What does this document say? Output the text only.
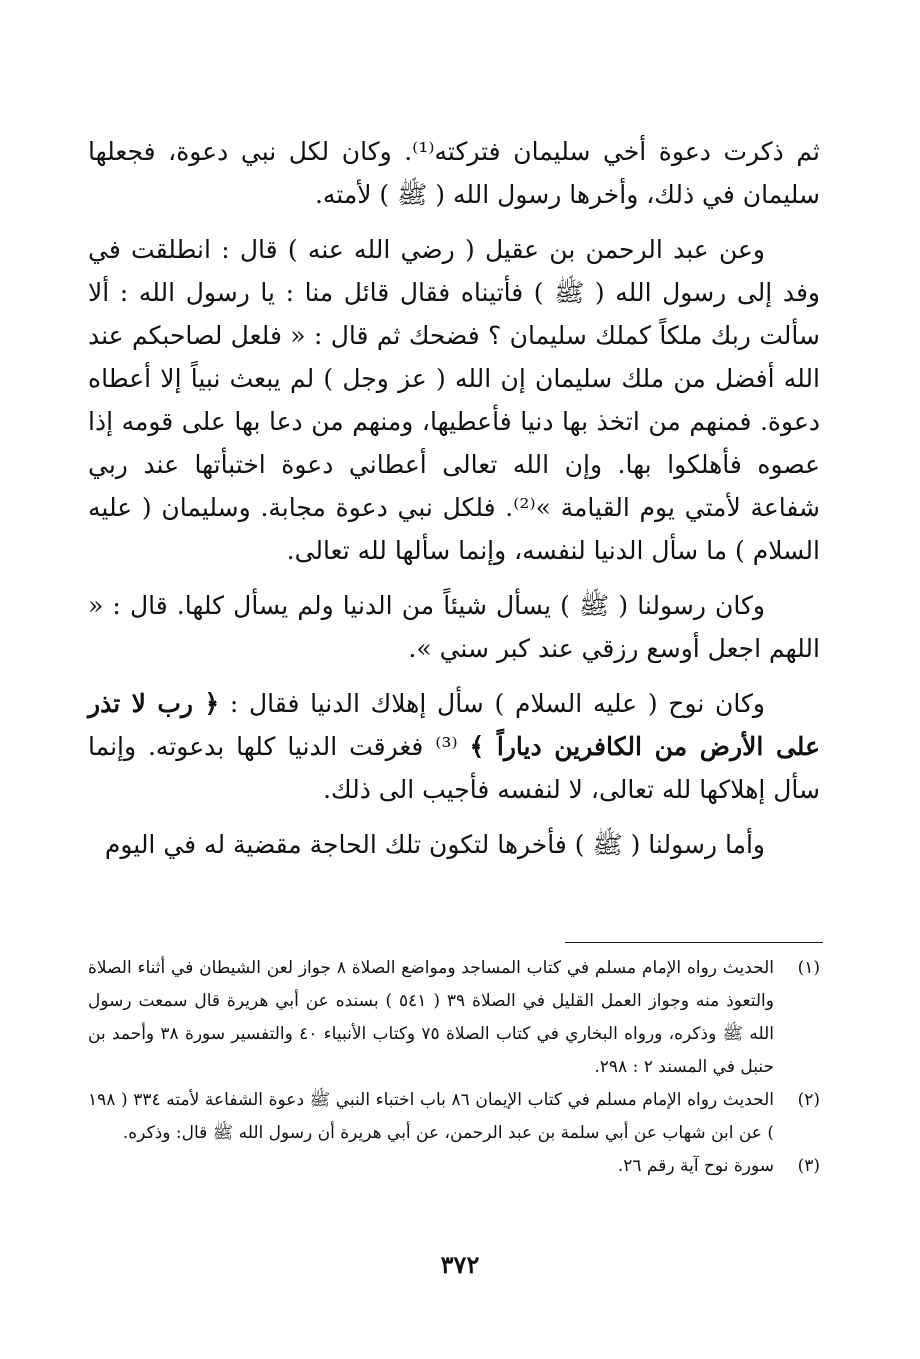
ثم ذكرت دعوة أخي سليمان فتركته⁽¹⁾. وكان لكل نبي دعوة، فجعلها سليمان في ذلك، وأخرها رسول الله ( ﷺ ) لأمته.

وعن عبد الرحمن بن عقيل ( رضي الله عنه ) قال : انطلقت في وفد إلى رسول الله ( ﷺ ) فأتيناه فقال قائل منا : يا رسول الله : ألا سألت ربك ملكاً كملك سليمان ؟ فضحك ثم قال : « فلعل لصاحبكم عند الله أفضل من ملك سليمان إن الله ( عز وجل ) لم يبعث نبياً إلا أعطاه دعوة. فمنهم من اتخذ بها دنيا فأعطيها، ومنهم من دعا بها على قومه إذا عصوه فأهلكوا بها. وإن الله تعالى أعطاني دعوة اختبأتها عند ربي شفاعة لأمتي يوم القيامة »⁽²⁾. فلكل نبي دعوة مجابة. وسليمان ( عليه السلام ) ما سأل الدنيا لنفسه، وإنما سألها لله تعالى.

وكان رسولنا ( ﷺ ) يسأل شيئاً من الدنيا ولم يسأل كلها. قال : « اللهم اجعل أوسع رزقي عند كبر سني ».

وكان نوح ( عليه السلام ) سأل إهلاك الدنيا فقال : ﴿ رب لا تذر على الأرض من الكافرين دياراً ﴾ ⁽³⁾ فغرقت الدنيا كلها بدعوته. وإنما سأل إهلاكها لله تعالى، لا لنفسه فأجيب الى ذلك.

وأما رسولنا ( ﷺ ) فأخرها لتكون تلك الحاجة مقضية له في اليوم

(١)
الحديث رواه الإمام مسلم في كتاب المساجد ومواضع الصلاة ٨ جواز لعن الشيطان في أثناء الصلاة والتعوذ منه وجواز العمل القليل في الصلاة ٣٩ ( ٥٤١ ) بسنده عن أبي هريرة قال سمعت رسول الله ﷺ وذكره، ورواه البخاري في كتاب الصلاة ٧٥ وكتاب الأنبياء ٤٠ والتفسير سورة ٣٨ وأحمد بن حنبل في المسند ٢ : ٢٩٨.
(٢)
الحديث رواه الإمام مسلم في كتاب الإيمان ٨٦ باب اختباء النبي ﷺ دعوة الشفاعة لأمته ٣٣٤ ( ١٩٨ ) عن ابن شهاب عن أبي سلمة بن عبد الرحمن، عن أبي هريرة أن رسول الله ﷺ قال: وذكره.
(٣)
سورة نوح آية رقم ٢٦.
٣٧٢
